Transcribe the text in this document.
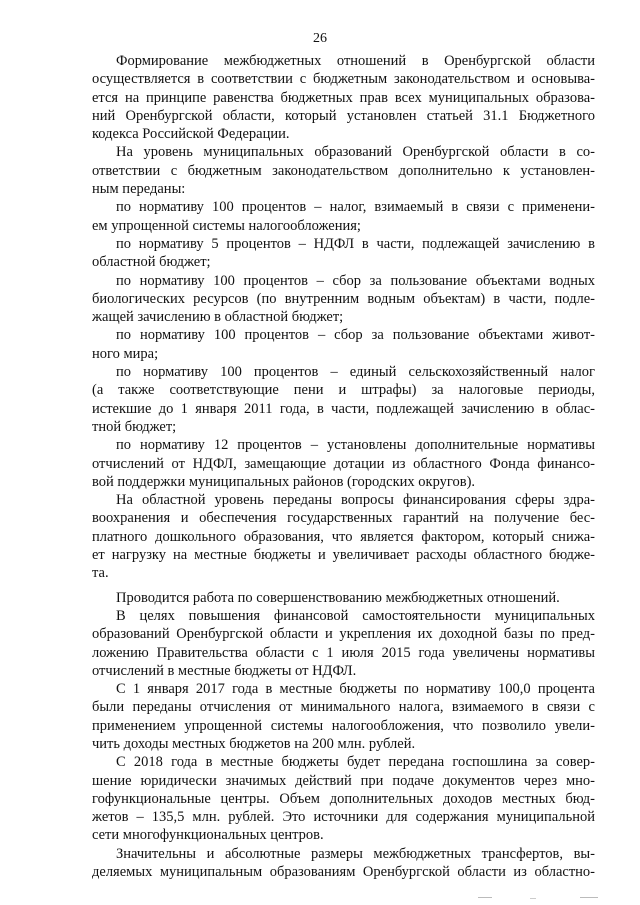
26

Формирование межбюджетных отношений в Оренбургской области
осуществляется в соответствии с бюджетным законодательством и основыва-
ется на принципе равенства бюджетных прав всех муниципальных образова-
ний Оренбургской области, который установлен статьей 31.1 Бюджетного
кодекса Российской Федерации.

На уровень муниципальных образований Оренбургской области в со-
ответствии с бюджетным законодательством дополнительно к установлен-
ным переданы:

по нормативу 100 процентов – налог, взимаемый в связи с применени-
ем упрощенной системы налогообложения;

по нормативу 5 процентов – НДФЛ в части, подлежащей зачислению в
областной бюджет;

по нормативу 100 процентов – сбор за пользование объектами водных
биологических ресурсов (по внутренним водным объектам) в части, подле-
жащей зачислению в областной бюджет;

по нормативу 100 процентов – сбор за пользование объектами живот-
ного мира;

по нормативу 100 процентов – единый сельскохозяйственный налог
(а также соответствующие пени и штрафы) за налоговые периоды,
истекшие до 1 января 2011 года, в части, подлежащей зачислению в облас-
тной бюджет;

по нормативу 12 процентов – установлены дополнительные нормативы
отчислений от НДФЛ, замещающие дотации из областного Фонда финансо-
вой поддержки муниципальных районов (городских округов).

На областной уровень переданы вопросы финансирования сферы здра-
воохранения и обеспечения государственных гарантий на получение бес-
платного дошкольного образования, что является фактором, который снижа-
ет нагрузку на местные бюджеты и увеличивает расходы областного бюдже-
та.

Проводится работа по совершенствованию межбюджетных отношений.

В целях повышения финансовой самостоятельности муниципальных
образований Оренбургской области и укрепления их доходной базы по пред-
ложению Правительства области с 1 июля 2015 года увеличены нормативы
отчислений в местные бюджеты от НДФЛ.

С 1 января 2017 года в местные бюджеты по нормативу 100,0 процента
были переданы отчисления от минимального налога, взимаемого в связи с
применением упрощенной системы налогообложения, что позволило увели-
чить доходы местных бюджетов на 200 млн. рублей.

С 2018 года в местные бюджеты будет передана госпошлина за совер-
шение юридически значимых действий при подаче документов через мно-
гофункциональные центры. Объем дополнительных доходов местных бюд-
жетов – 135,5 млн. рублей. Это источники для содержания муниципальной
сети многофункциональных центров.

Значительны и абсолютные размеры межбюджетных трансфертов, вы-
деляемых муниципальным образованиям Оренбургской области из областно-
